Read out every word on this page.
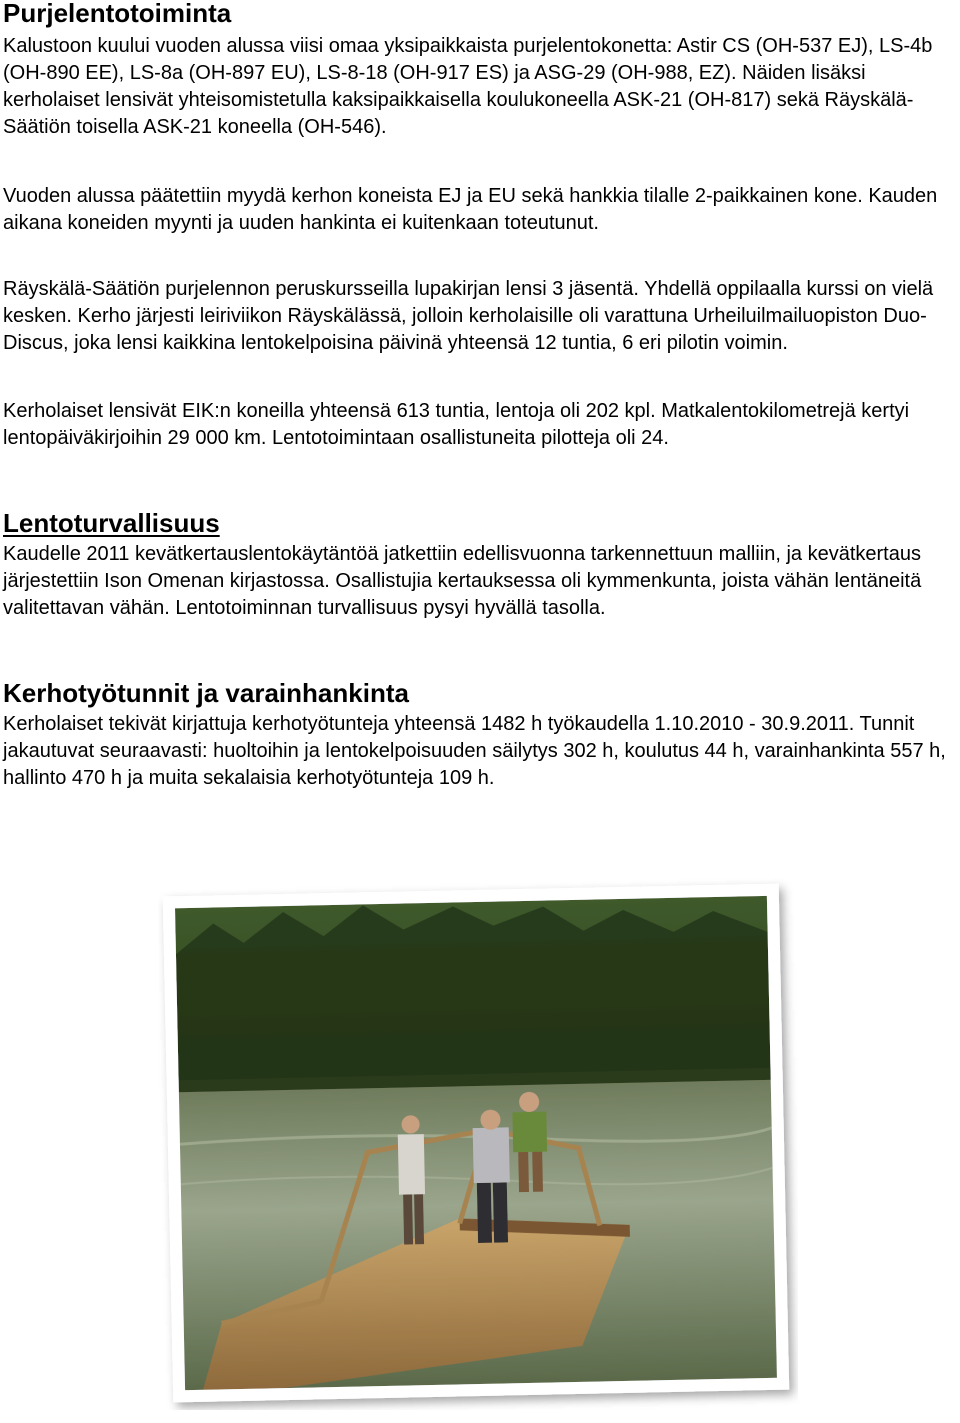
Purjelentotoiminta

Kalustoon kuului vuoden alussa viisi omaa yksipaikkaista purjelentokonetta: Astir CS (OH-537 EJ), LS-4b (OH-890 EE), LS-8a (OH-897 EU), LS-8-18 (OH-917 ES) ja ASG-29 (OH-988, EZ). Näiden lisäksi kerholaiset lensivät yhteisomistetulla kaksipaikkaisella koulukoneella ASK-21 (OH-817) sekä Räyskälä-Säätiön toisella ASK-21 koneella (OH-546).

Vuoden alussa päätettiin myydä kerhon koneista EJ ja EU sekä hankkia tilalle 2-paikkainen kone. Kauden aikana koneiden myynti ja uuden hankinta ei kuitenkaan toteutunut.

Räyskälä-Säätiön purjelennon peruskursseilla lupakirjan lensi 3 jäsentä. Yhdellä oppilaalla kurssi on vielä kesken. Kerho järjesti leiriviikon Räyskälässä, jolloin kerholaisille oli varattuna Urheiluilmailuopiston Duo-Discus, joka lensi kaikkina lentokelpoisina päivinä yhteensä 12 tuntia, 6 eri pilotin voimin.

Kerholaiset lensivät EIK:n koneilla yhteensä 613 tuntia, lentoja oli 202 kpl. Matkalentokilometrejä kertyi lentopäiväkirjoihin 29 000 km. Lentotoimintaan osallistuneita pilotteja oli 24.

Lentoturvallisuus

Kaudelle 2011 kevätkertauslentokäytäntöä jatkettiin edellisvuonna tarkennettuun malliin, ja kevätkertaus järjestettiin Ison Omenan kirjastossa. Osallistujia kertauksessa oli kymmenkunta, joista vähän lentäneitä valitettavan vähän. Lentotoiminnan turvallisuus pysyi hyvällä tasolla.

Kerhotyötunnit ja varainhankinta

Kerholaiset tekivät kirjattuja kerhotyötunteja yhteensä 1482 h työkaudella 1.10.2010 - 30.9.2011. Tunnit jakautuvat seuraavasti: huoltoihin ja lentokelpoisuuden säilytys 302 h, koulutus 44 h, varainhankinta 557 h, hallinto 470 h ja muita sekalaisia kerhotyötunteja 109 h.
